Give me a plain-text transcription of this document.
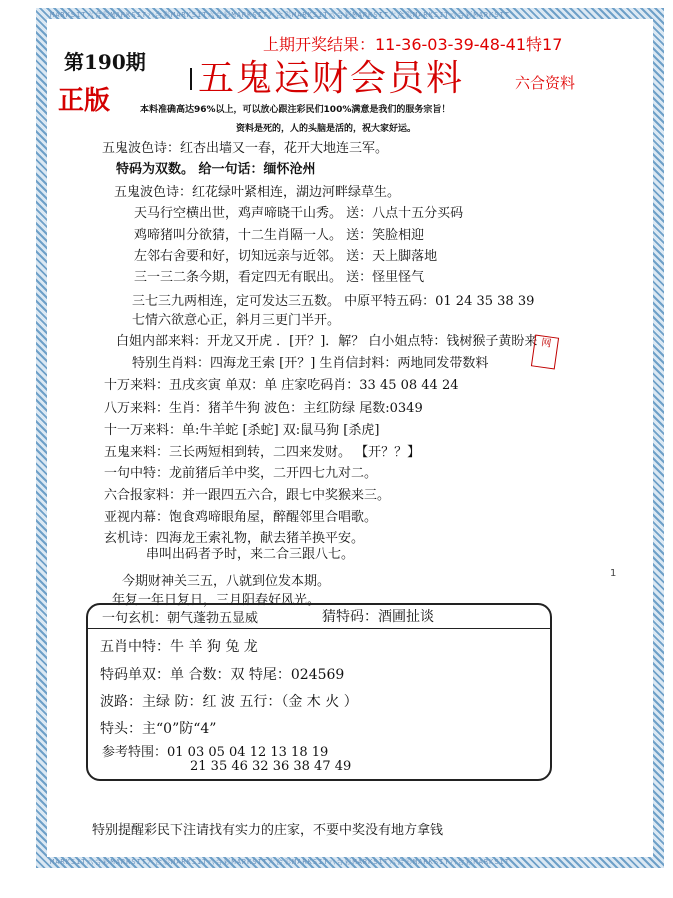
MARKSIT六合彩MARKSIT六合彩MARKSIT六合彩MARKSIT六合彩MARKSIT六合彩MARKSIT六合彩MARKSIT六合彩MARKSIT
MARKSIT六合彩MARKSIT六合彩MARKSIT六合彩MARKSIT六合彩MARKSIT六合彩MARKSIT六合彩MARKSIT六合彩MARKSIT
第190期
正版
上期开奖结果：11-36-03-39-48-41特17
五鬼运财会员料	六合资料
本料准确高达96%以上，可以放心跟注彩民们100%满意是我们的服务宗旨！
资料是死的，人的头脑是活的，祝大家好运。
五鬼波色诗：红杏出墙又一春，花开大地连三军。
特码为双数。 给一句话：缅怀沧州
五鬼波色诗：红花绿叶紧相连，湖边河畔绿草生。
天马行空横出世，鸡声啼晓干山秀。 送：八点十五分买码
鸡啼猪叫分欲猜，十二生肖隔一人。 送：笑脸相迎
左邻右舍要和好，切知远亲与近邻。 送：天上脚落地
三一三二条今期，看定四无有眠出。 送：怪里怪气
三七三九两相连，定可发达三五数。 中原平特五码：01 24 35 38 39
七情六欲意心正，斜月三更门半开。
白姐内部来料：开龙又开虎 ．[开？]．解？ 白小姐点特：钱树猴子黄盼来
特别生肖料：四海龙王索 [开？] 生肖信封料：两地同发带数料
十万来料：丑戌亥寅 单双：单 庄家吃码肖：33 45 08 44 24
八万来料：生肖：猪羊牛狗 波色：主红防绿 尾数:0349
十一万来料：单:牛羊蛇 [杀蛇] 双:鼠马狗 [杀虎]
五鬼来料：三长两短相到转，二四来发财。 【开？？】
一句中特：龙前猪后羊中奖，二开四七九对二。
六合报家料：并一跟四五六合，跟七中奖猴来三。
亚视内幕：饱食鸡啼眼角屋，醉醒邻里合唱歌。
玄机诗：四海龙王索礼物，献去猪羊换平安。
串叫出码者予时，来二合三跟八七。
今期财神关三五，八就到位发本期。
年复一年日复日，三月阳春好风光。
网
一句玄机：朝气蓬勃五显威	猜特码：酒圃扯谈
五肖中特：牛 羊 狗 兔 龙
特码单双：单 合数：双 特尾：024569
波路：主绿 防：红 波 五行：（金 木 火 ）
特头：主“0”防“4”
参考特围：01 03 05 04 12 13 18 19
21 35 46 32 36 38 47 49
特别提醒彩民下注请找有实力的庄家，不要中奖没有地方拿钱
1
